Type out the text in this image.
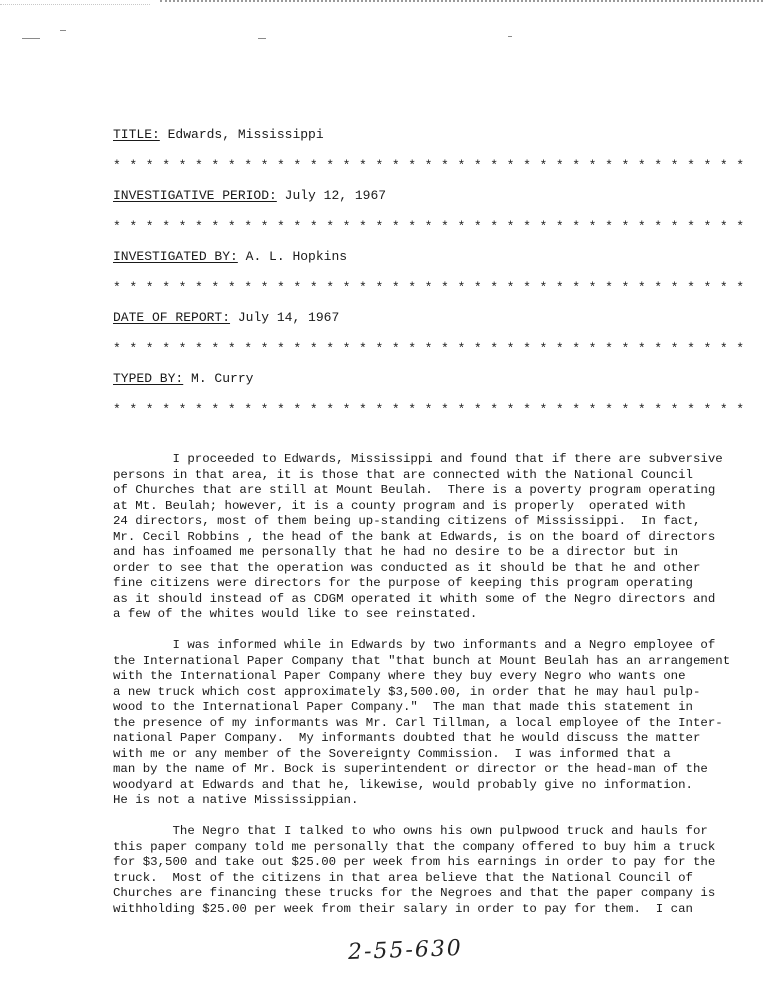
TITLE: Edwards, Mississippi
* * * * * * * * * * * * * * * * * * * * * * * * * * * * * * * * * * * * * * *
INVESTIGATIVE PERIOD: July 12, 1967
* * * * * * * * * * * * * * * * * * * * * * * * * * * * * * * * * * * * * * *
INVESTIGATED BY: A. L. Hopkins
* * * * * * * * * * * * * * * * * * * * * * * * * * * * * * * * * * * * * * *
DATE OF REPORT: July 14, 1967
* * * * * * * * * * * * * * * * * * * * * * * * * * * * * * * * * * * * * * *
TYPED BY: M. Curry
* * * * * * * * * * * * * * * * * * * * * * * * * * * * * * * * * * * * * * *
I proceeded to Edwards, Mississippi and found that if there are subversive
persons in that area, it is those that are connected with the National Council
of Churches that are still at Mount Beulah.  There is a poverty program operating
at Mt. Beulah; however, it is a county program and is properly  operated with
24 directors, most of them being up-standing citizens of Mississippi.  In fact,
Mr. Cecil Robbins , the head of the bank at Edwards, is on the board of directors
and has infoamed me personally that he had no desire to be a director but in
order to see that the operation was conducted as it should be that he and other
fine citizens were directors for the purpose of keeping this program operating
as it should instead of as CDGM operated it whith some of the Negro directors and
a few of the whites would like to see reinstated.
I was informed while in Edwards by two informants and a Negro employee of
the International Paper Company that "that bunch at Mount Beulah has an arrangement
with the International Paper Company where they buy every Negro who wants one
a new truck which cost approximately $3,500.00, in order that he may haul pulp-
wood to the International Paper Company."  The man that made this statement in
the presence of my informants was Mr. Carl Tillman, a local employee of the Inter-
national Paper Company.  My informants doubted that he would discuss the matter
with me or any member of the Sovereignty Commission.  I was informed that a
man by the name of Mr. Bock is superintendent or director or the head-man of the
woodyard at Edwards and that he, likewise, would probably give no information.
He is not a native Mississippian.
The Negro that I talked to who owns his own pulpwood truck and hauls for
this paper company told me personally that the company offered to buy him a truck
for $3,500 and take out $25.00 per week from his earnings in order to pay for the
truck.  Most of the citizens in that area believe that the National Council of
Churches are financing these trucks for the Negroes and that the paper company is
withholding $25.00 per week from their salary in order to pay for them.  I can
2-55-630
